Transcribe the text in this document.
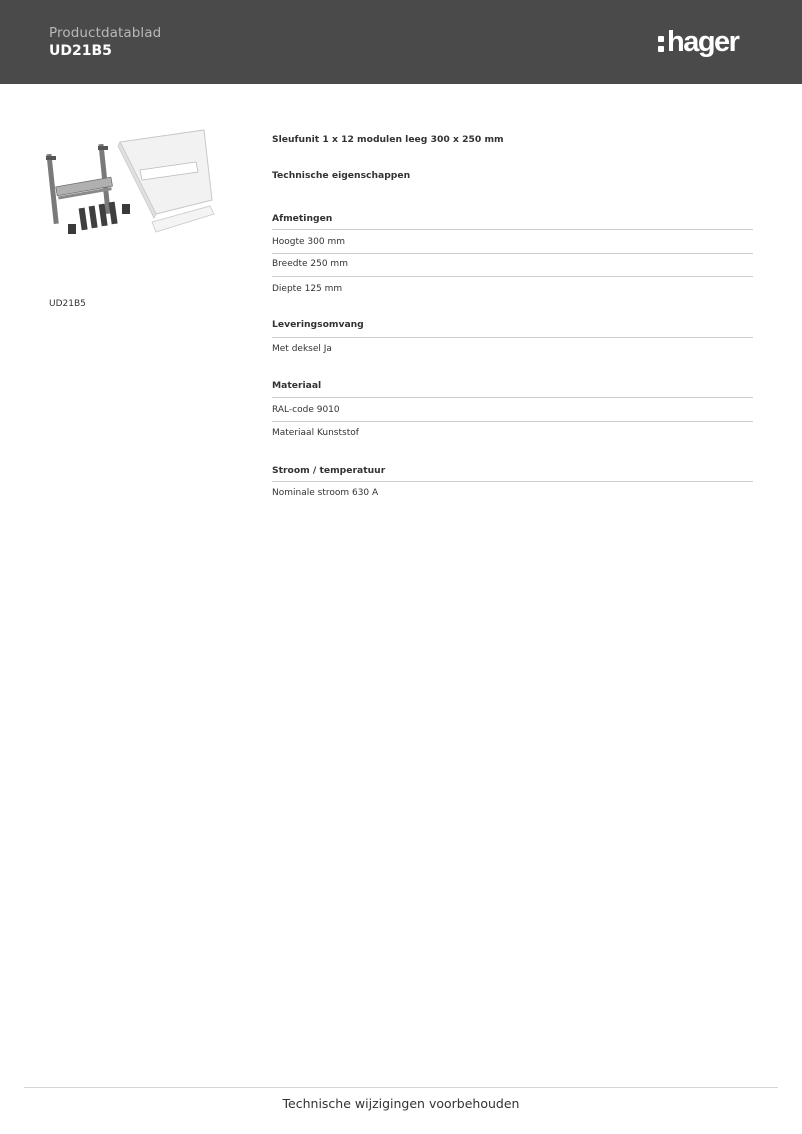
Productdatablad
UD21B5	hager
UD21B5
Sleufunit 1 x 12 modulen leeg 300 x 250 mm
Technische eigenschappen
Afmetingen
Hoogte 300 mm
Breedte 250 mm
Diepte 125 mm
Leveringsomvang
Met deksel Ja
Materiaal
RAL-code 9010
Materiaal Kunststof
Stroom / temperatuur
Nominale stroom 630 A
Technische wijzigingen voorbehouden
